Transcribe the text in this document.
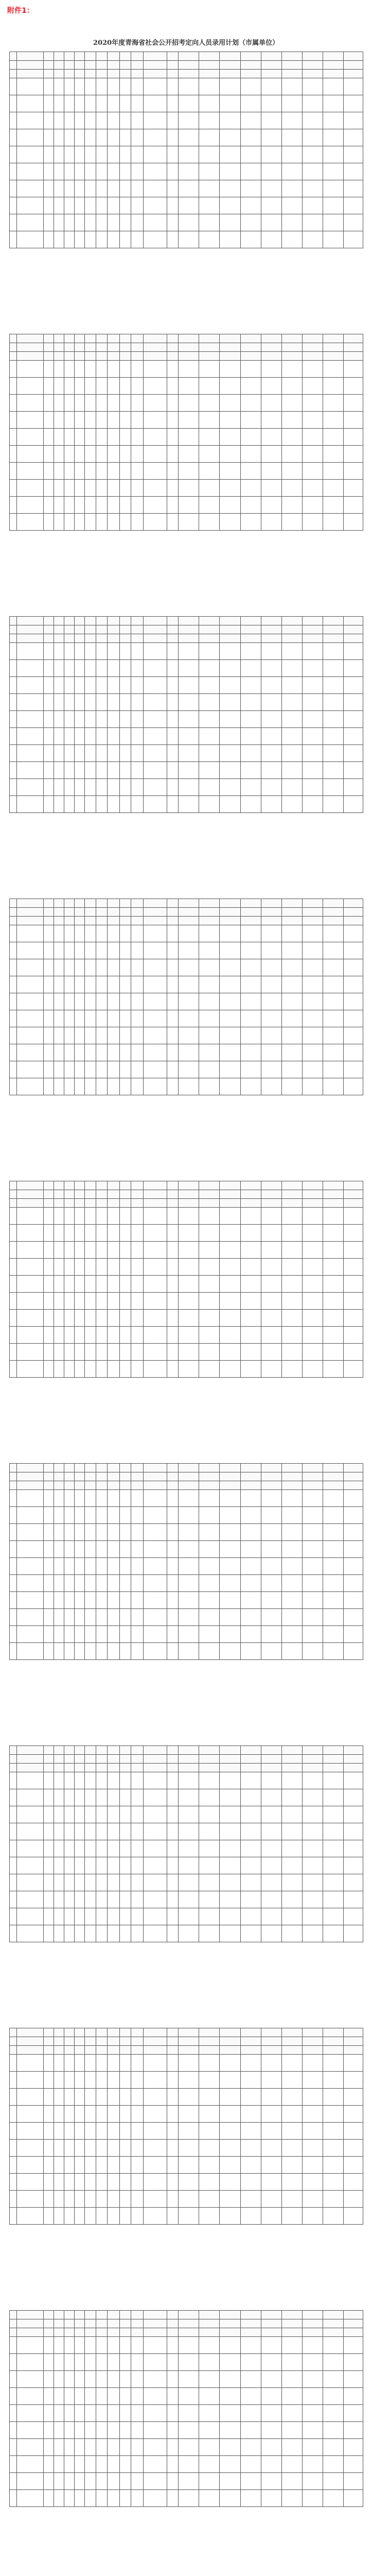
附件1：
2020年度青海省社会公开招考定向人员录用计划（市属单位）
